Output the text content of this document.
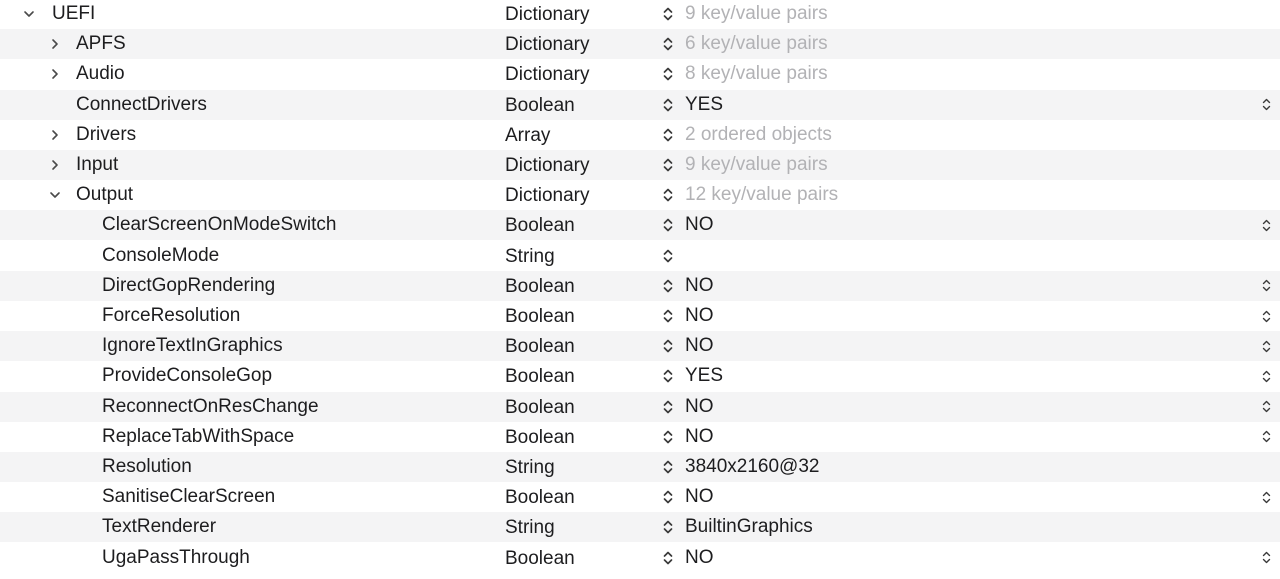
UEFI	Dictionary	9 key/value pairs
APFS	Dictionary	6 key/value pairs
Audio	Dictionary	8 key/value pairs
ConnectDrivers	Boolean	YES
Drivers	Array	2 ordered objects
Input	Dictionary	9 key/value pairs
Output	Dictionary	12 key/value pairs
ClearScreenOnModeSwitch	Boolean	NO
ConsoleMode	String
DirectGopRendering	Boolean	NO
ForceResolution	Boolean	NO
IgnoreTextInGraphics	Boolean	NO
ProvideConsoleGop	Boolean	YES
ReconnectOnResChange	Boolean	NO
ReplaceTabWithSpace	Boolean	NO
Resolution	String	3840x2160@32
SanitiseClearScreen	Boolean	NO
TextRenderer	String	BuiltinGraphics
UgaPassThrough	Boolean	NO
